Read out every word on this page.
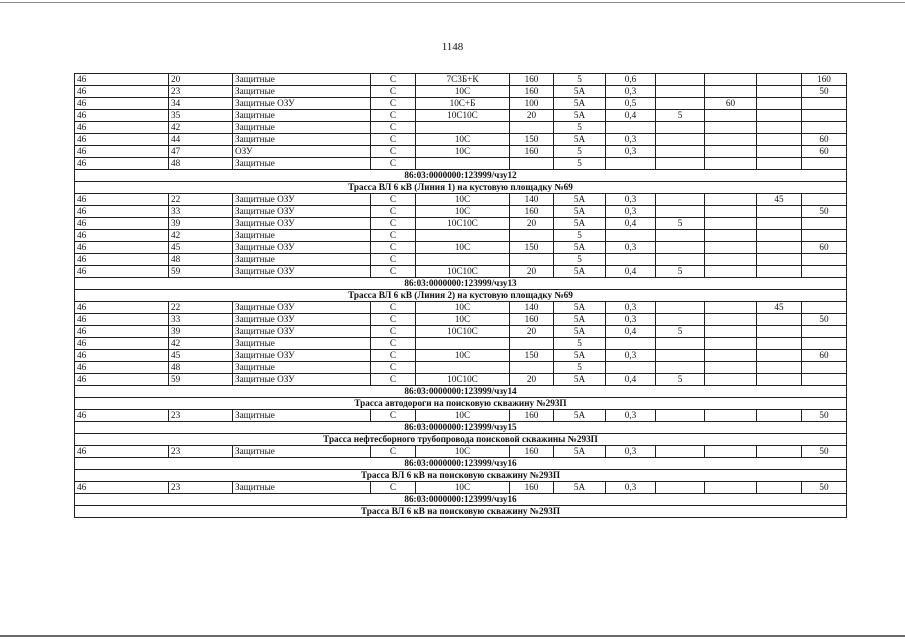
1148
46	20	Защитные	С	7С3Б+К	160	5	0,6				160
46	23	Защитные	С	10С	160	5А	0,3				50
46	34	Защитные ОЗУ	С	10С+Б	100	5А	0,5		60		
46	35	Защитные	С	10С10С	20	5А	0,4	5			
46	42	Защитные	С			5					
46	44	Защитные	С	10С	150	5А	0,3				60
46	47	ОЗУ	С	10С	160	5	0,3				60
46	48	Защитные	С			5					
86:03:0000000:123999/чзу12											
Трасса ВЛ 6 кВ (Линия 1) на кустовую площадку №69											
46	22	Защитные ОЗУ	С	10С	140	5А	0,3			45	
46	33	Защитные ОЗУ	С	10С	160	5А	0,3				50
46	39	Защитные ОЗУ	С	10С10С	20	5А	0,4	5			
46	42	Защитные	С			5					
46	45	Защитные ОЗУ	С	10С	150	5А	0,3				60
46	48	Защитные	С			5					
46	59	Защитные ОЗУ	С	10С10С	20	5А	0,4	5			
86:03:0000000:123999/чзу13											
Трасса ВЛ 6 кВ (Линия 2) на кустовую площадку №69											
46	22	Защитные ОЗУ	С	10С	140	5А	0,3			45	
46	33	Защитные ОЗУ	С	10С	160	5А	0,3				50
46	39	Защитные ОЗУ	С	10С10С	20	5А	0,4	5			
46	42	Защитные	С			5					
46	45	Защитные ОЗУ	С	10С	150	5А	0,3				60
46	48	Защитные	С			5					
46	59	Защитные ОЗУ	С	10С10С	20	5А	0,4	5			
86:03:0000000:123999/чзу14											
Трасса автодороги на поисковую скважину №293П											
46	23	Защитные	С	10С	160	5А	0,3				50
86:03:0000000:123999/чзу15											
Трасса нефтесборного трубопровода поисковой скважины №293П											
46	23	Защитные	С	10С	160	5А	0,3				50
86:03:0000000:123999/чзу16											
Трасса ВЛ 6 кВ на поисковую скважину №293П											
46	23	Защитные	С	10С	160	5А	0,3				50
86:03:0000000:123999/чзу16											
Трасса ВЛ 6 кВ на поисковую скважину №293П											
